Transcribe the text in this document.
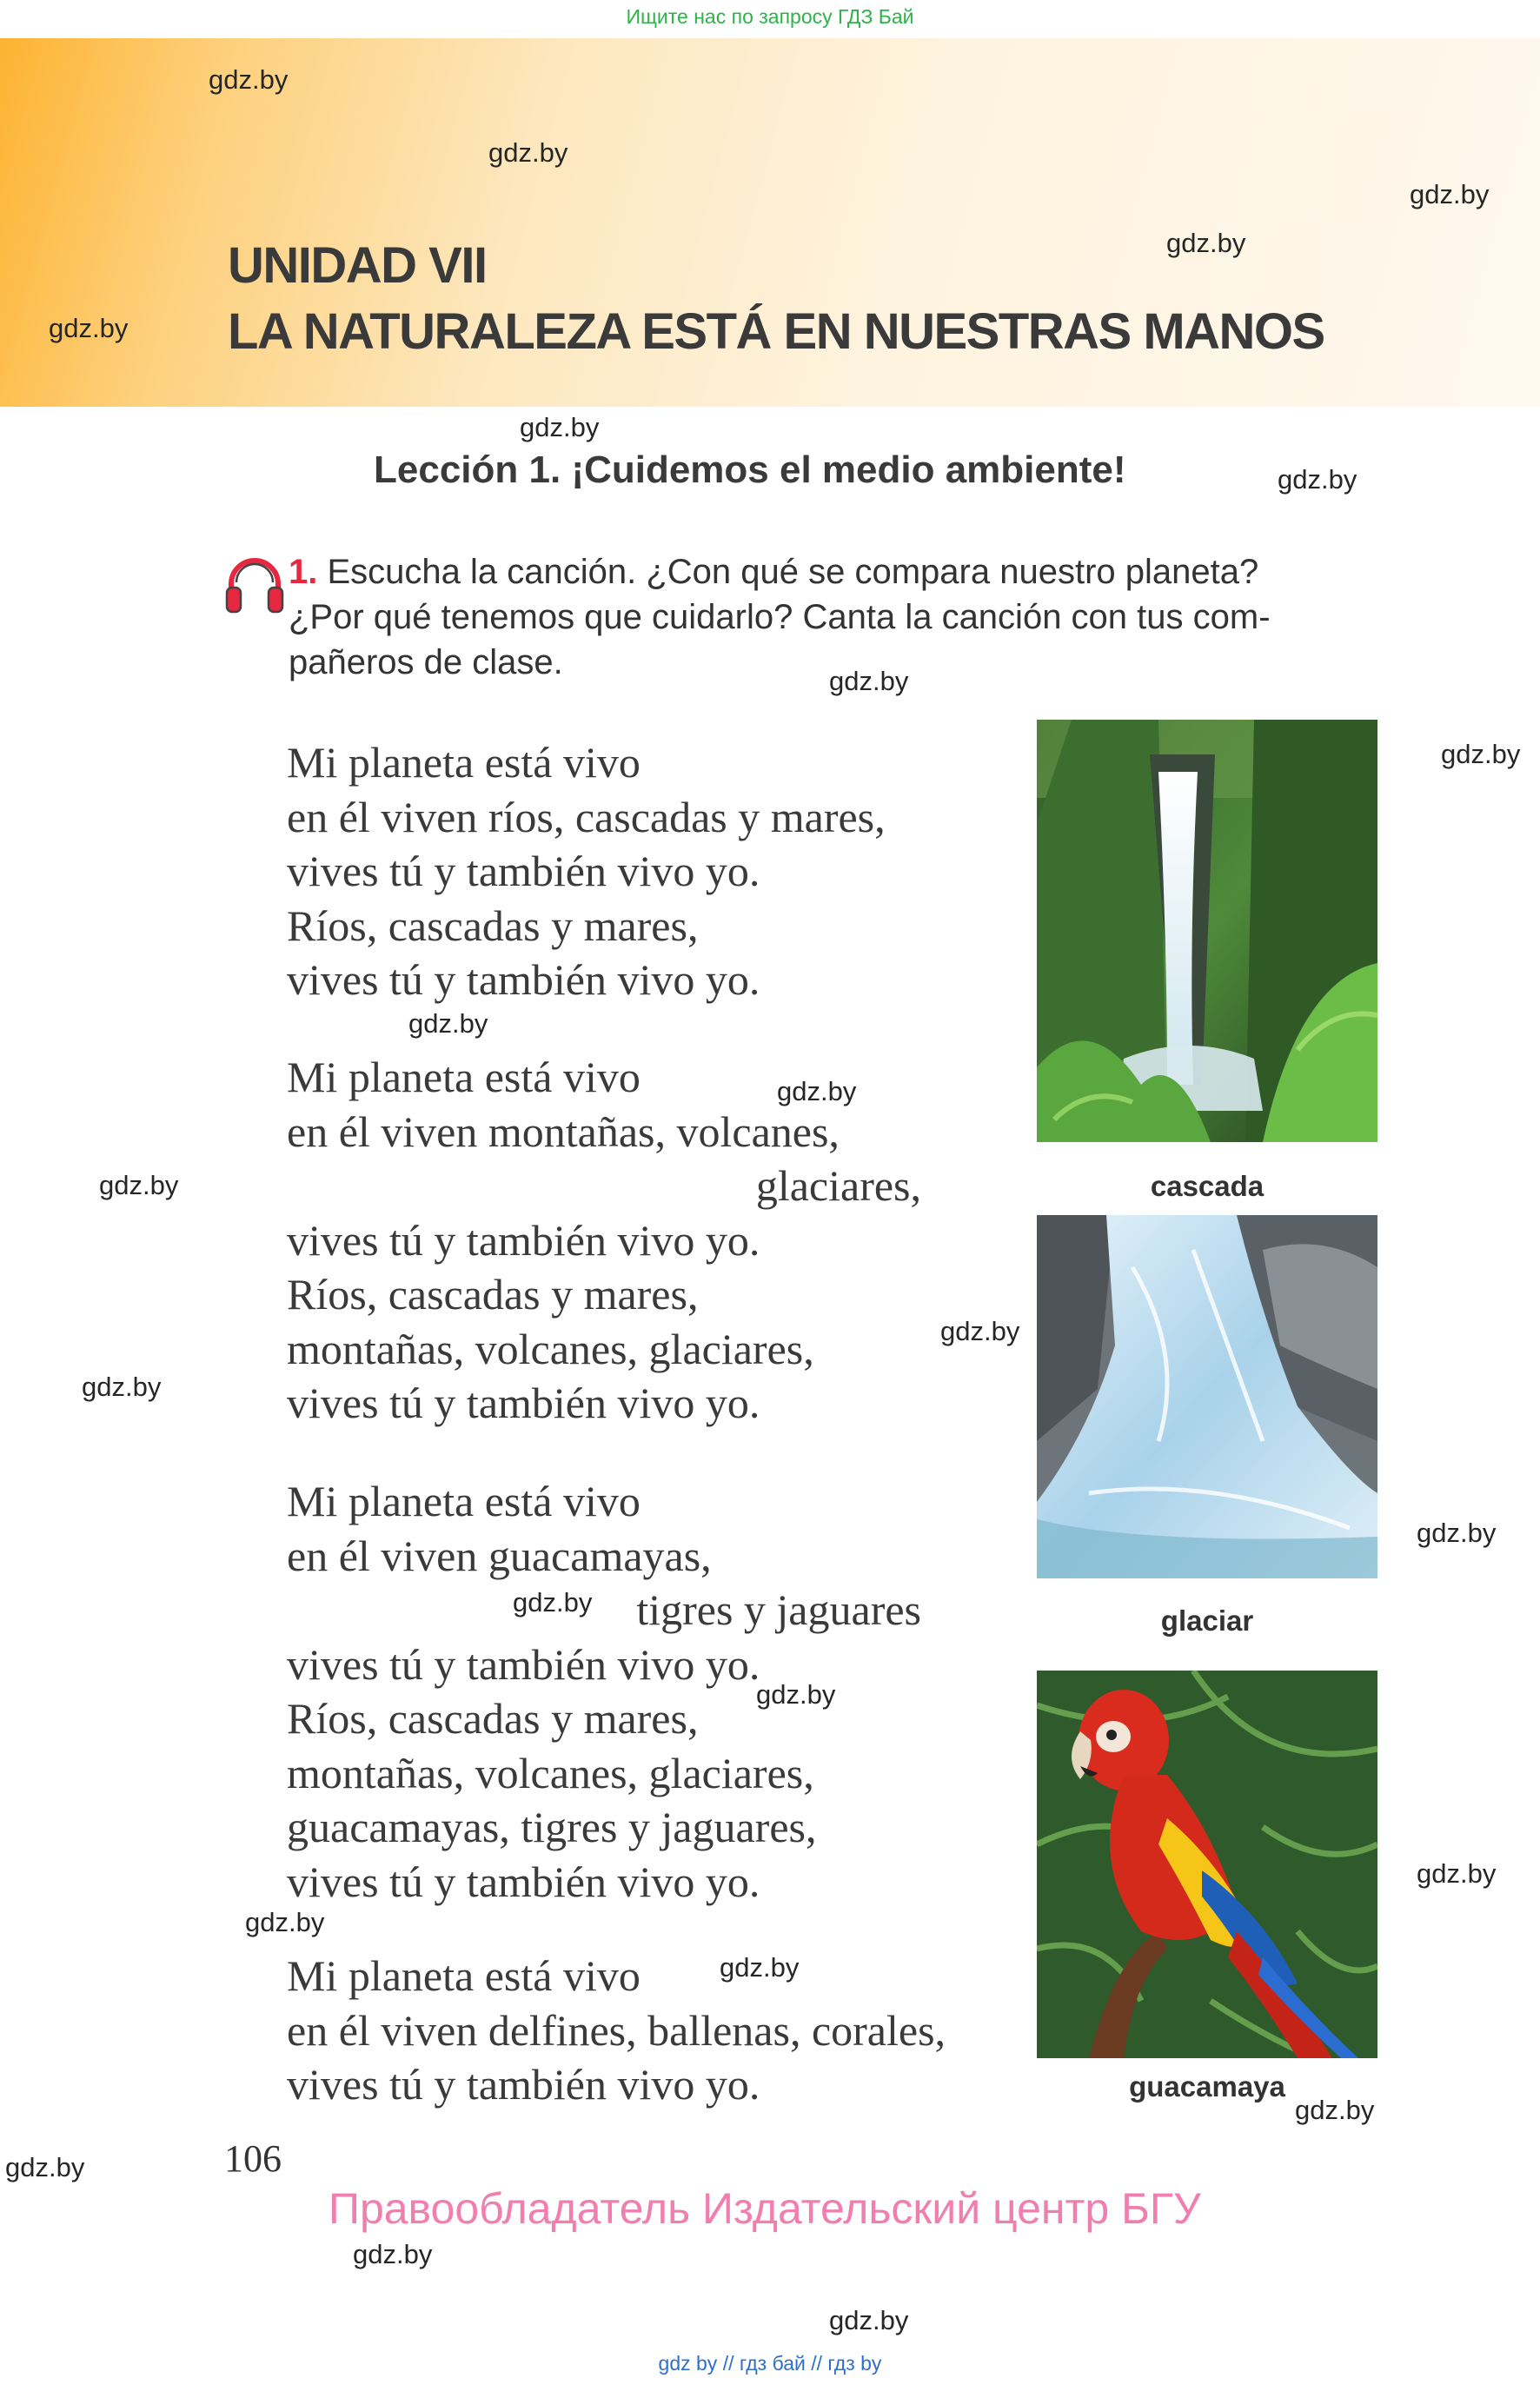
Ищите нас по запросу ГДЗ Бай
UNIDAD VII
LA NATURALEZA ESTÁ EN NUESTRAS MANOS
Lección 1. ¡Cuidemos el medio ambiente!
1. Escucha la canción. ¿Con qué se compara nuestro planeta?
¿Por qué tenemos que cuidarlo? Canta la canción con tus com-
pañeros de clase.
Mi planeta está vivo
en él viven ríos, cascadas y mares,
vives tú y también vivo yo.
Ríos, cascadas y mares,
vives tú y también vivo yo.
Mi planeta está vivo
en él viven montañas, volcanes,
glaciares,
vives tú y también vivo yo.
Ríos, cascadas y mares,
montañas, volcanes, glaciares,
vives tú y también vivo yo.
Mi planeta está vivo
en él viven guacamayas,
tigres y jaguares
vives tú y también vivo yo.
Ríos, cascadas y mares,
montañas, volcanes, glaciares,
guacamayas, tigres y jaguares,
vives tú y también vivo yo.
Mi planeta está vivo
en él viven delfines, ballenas, corales,
vives tú y también vivo yo.
cascada
glaciar
guacamaya
gdz.by
gdz.by
gdz.by
gdz.by
gdz.by
gdz.by
gdz.by
gdz.by
gdz.by
gdz.by
gdz.by
gdz.by
gdz.by
gdz.by
gdz.by
gdz.by
gdz.by
gdz.by
gdz.by
gdz.by
gdz.by
gdz.by
gdz.by
gdz.by
106
Правообладатель Издательский центр БГУ
gdz by // гдз бай // гдз by
